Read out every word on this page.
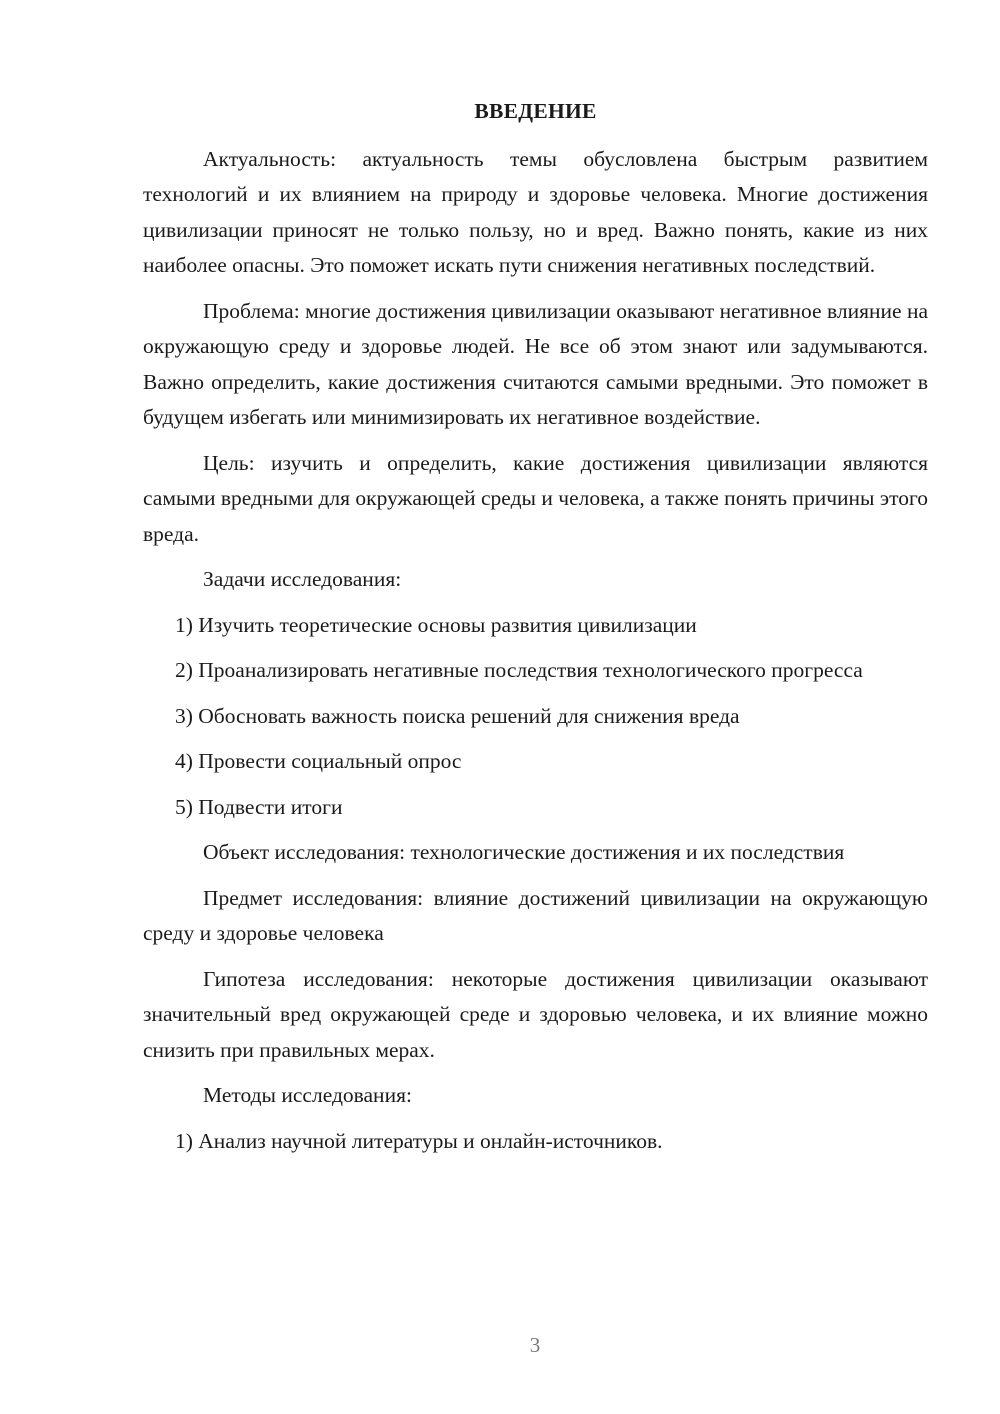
ВВЕДЕНИЕ

Актуальность: актуальность темы обусловлена быстрым развитием технологий и их влиянием на природу и здоровье человека. Многие достижения цивилизации приносят не только пользу, но и вред. Важно понять, какие из них наиболее опасны. Это поможет искать пути снижения негативных последствий.

Проблема: многие достижения цивилизации оказывают негативное влияние на окружающую среду и здоровье людей. Не все об этом знают или задумываются. Важно определить, какие достижения считаются самыми вредными. Это поможет в будущем избегать или минимизировать их негативное воздействие.

Цель: изучить и определить, какие достижения цивилизации являются самыми вредными для окружающей среды и человека, а также понять причины этого вреда.

Задачи исследования:

1) Изучить теоретические основы развития цивилизации

2) Проанализировать негативные последствия технологического прогресса

3) Обосновать важность поиска решений для снижения вреда

4) Провести социальный опрос

5) Подвести итоги

Объект исследования: технологические достижения и их последствия

Предмет исследования: влияние достижений цивилизации на окружающую среду и здоровье человека

Гипотеза исследования: некоторые достижения цивилизации оказывают значительный вред окружающей среде и здоровью человека, и их влияние можно снизить при правильных мерах.

Методы исследования:

1) Анализ научной литературы и онлайн-источников.

3
